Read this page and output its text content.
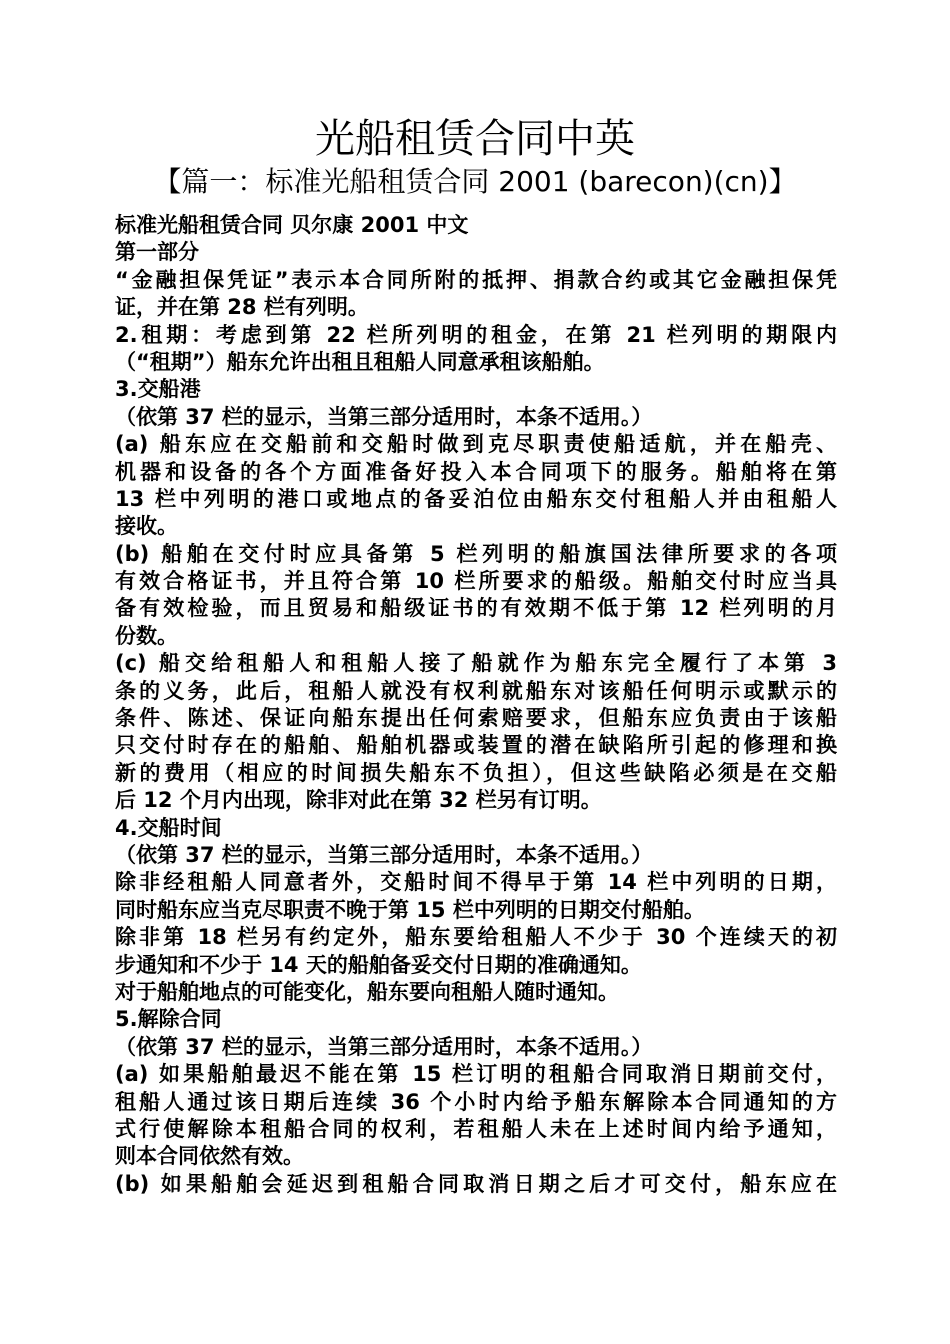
光船租赁合同中英
【篇一：标准光船租赁合同 2001 (barecon)(cn)】
标准光船租赁合同 贝尔康 2001 中文
第一部分
“金融担保凭证”表示本合同所附的抵押、捐款合约或其它金融担保凭
证，并在第 28 栏有列明。
2.租期：考虑到第 22 栏所列明的租金，在第 21 栏列明的期限内
（“租期”）船东允许出租且租船人同意承租该船舶。
3.交船港
（依第 37 栏的显示，当第三部分适用时，本条不适用。）
(a) 船东应在交船前和交船时做到克尽职责使船适航，并在船壳、
机器和设备的各个方面准备好投入本合同项下的服务。船舶将在第
13 栏中列明的港口或地点的备妥泊位由船东交付租船人并由租船人
接收。
(b) 船舶在交付时应具备第 5 栏列明的船旗国法律所要求的各项
有效合格证书，并且符合第 10 栏所要求的船级。船舶交付时应当具
备有效检验，而且贸易和船级证书的有效期不低于第 12 栏列明的月
份数。
(c) 船交给租船人和租船人接了船就作为船东完全履行了本第 3
条的义务，此后，租船人就没有权利就船东对该船任何明示或默示的
条件、陈述、保证向船东提出任何索赔要求，但船东应负责由于该船
只交付时存在的船舶、船舶机器或装置的潜在缺陷所引起的修理和换
新的费用（相应的时间损失船东不负担），但这些缺陷必须是在交船
后 12 个月内出现，除非对此在第 32 栏另有订明。
4.交船时间
（依第 37 栏的显示，当第三部分适用时，本条不适用。）
除非经租船人同意者外，交船时间不得早于第 14 栏中列明的日期，
同时船东应当克尽职责不晚于第 15 栏中列明的日期交付船舶。
除非第 18 栏另有约定外，船东要给租船人不少于 30 个连续天的初
步通知和不少于 14 天的船舶备妥交付日期的准确通知。
对于船舶地点的可能变化，船东要向租船人随时通知。
5.解除合同
（依第 37 栏的显示，当第三部分适用时，本条不适用。）
(a) 如果船舶最迟不能在第 15 栏订明的租船合同取消日期前交付，
租船人通过该日期后连续 36 个小时内给予船东解除本合同通知的方
式行使解除本租船合同的权利，若租船人未在上述时间内给予通知，
则本合同依然有效。
(b) 如果船舶会延迟到租船合同取消日期之后才可交付，船东应在
